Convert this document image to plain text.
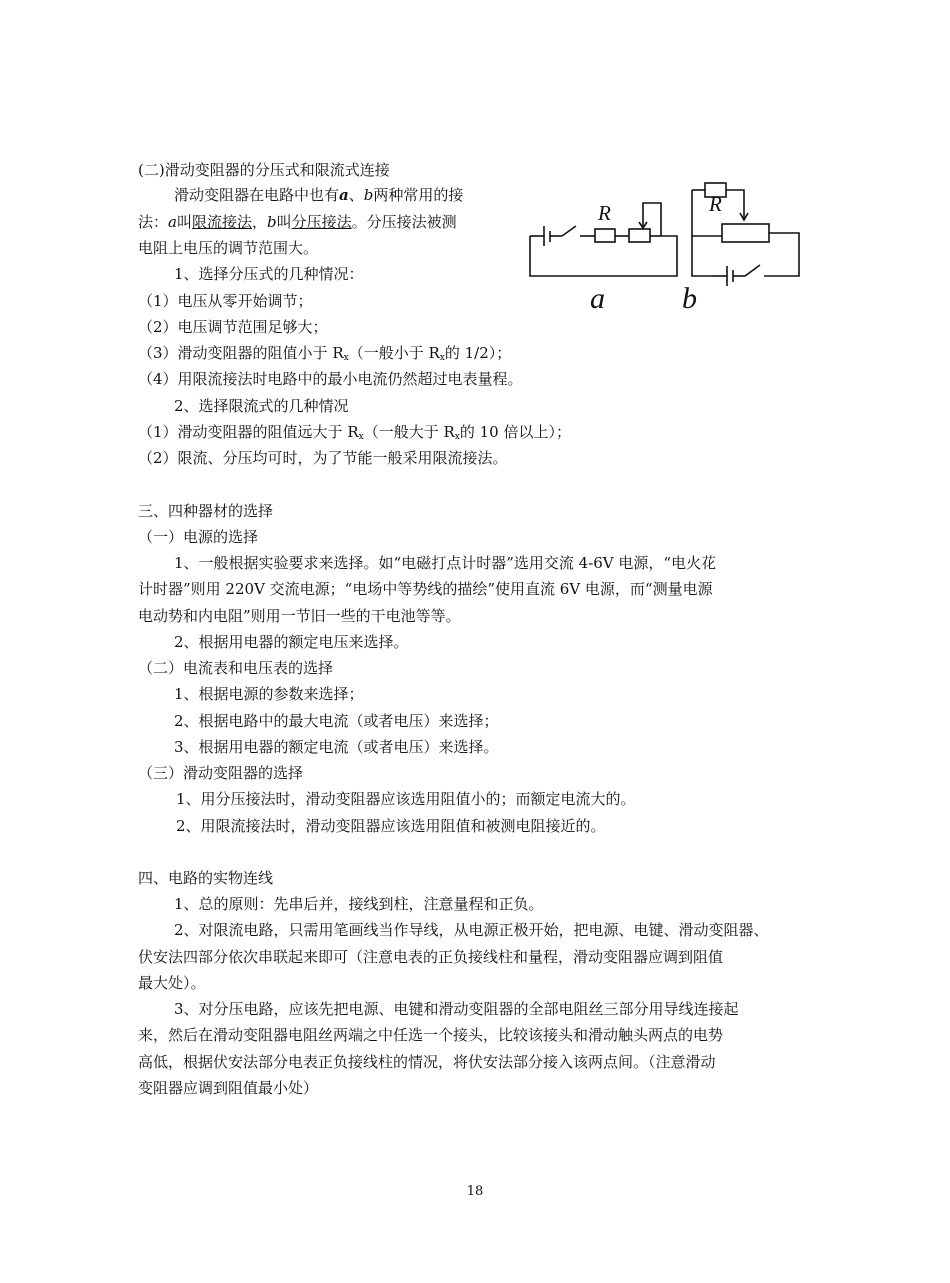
(二)滑动变阻器的分压式和限流式连接
滑动变阻器在电路中也有a、b两种常用的接
法：a叫限流接法，b叫分压接法。分压接法被测
电阻上电压的调节范围大。
1、选择分压式的几种情况：
（1）电压从零开始调节；
（2）电压调节范围足够大；
（3）滑动变阻器的阻值小于 $R_x$（一般小于 $R_x$的 1/2）；
（4）用限流接法时电路中的最小电流仍然超过电表量程。
2、选择限流式的几种情况
（1）滑动变阻器的阻值远大于 $R_x$（一般大于 $R_x$的 10 倍以上）；
（2）限流、分压均可时，为了节能一般采用限流接法。
R	R
a	b
三、四种器材的选择
（一）电源的选择
1、一般根据实验要求来选择。如“电磁打点计时器”选用交流 4-6V 电源，“电火花
计时器”则用 220V 交流电源；“电场中等势线的描绘”使用直流 6V 电源，而“测量电源
电动势和内电阻”则用一节旧一些的干电池等等。
2、根据用电器的额定电压来选择。
（二）电流表和电压表的选择
1、根据电源的参数来选择；
2、根据电路中的最大电流（或者电压）来选择；
3、根据用电器的额定电流（或者电压）来选择。
（三）滑动变阻器的选择
1、用分压接法时，滑动变阻器应该选用阻值小的；而额定电流大的。
2、用限流接法时，滑动变阻器应该选用阻值和被测电阻接近的。
四、电路的实物连线
1、总的原则：先串后并，接线到柱，注意量程和正负。
2、对限流电路，只需用笔画线当作导线，从电源正极开始，把电源、电键、滑动变阻器、
伏安法四部分依次串联起来即可（注意电表的正负接线柱和量程，滑动变阻器应调到阻值
最大处）。
3、对分压电路，应该先把电源、电键和滑动变阻器的全部电阻丝三部分用导线连接起
来，然后在滑动变阻器电阻丝两端之中任选一个接头，比较该接头和滑动触头两点的电势
高低，根据伏安法部分电表正负接线柱的情况，将伏安法部分接入该两点间。（注意滑动
变阻器应调到阻值最小处）
18
